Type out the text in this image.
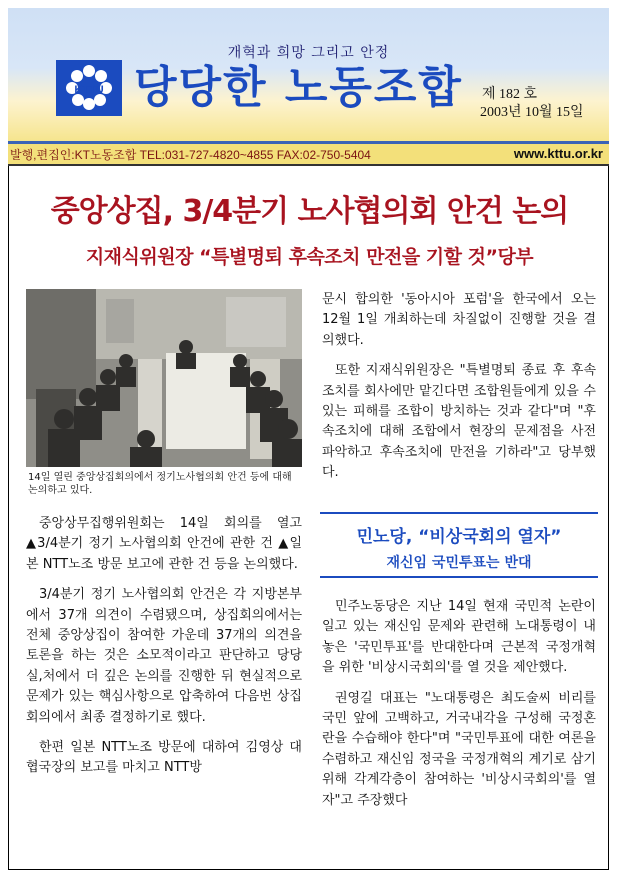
개혁과 희망 그리고 안정
KTTU 당당한 노동조합 제 182 호
2003년 10월 15일
발행,편집인:KT노동조합 TEL:031-727-4820~4855 FAX:02-750-5404	www.kttu.or.kr
중앙상집, 3/4분기 노사협의회 안건 논의
지재식위원장 “특별명퇴 후속조치 만전을 기할 것”당부
14일 열린 중앙상집회의에서 정기노사협의회 안건 등에 대해 논의하고 있다.

중앙상무집행위원회는 14일 회의를 열고 ▲3/4분기 정기 노사협의회 안건에 관한 건 ▲일본 NTT노조 방문 보고에 관한 건 등을 논의했다.

3/4분기 정기 노사협의회 안건은 각 지방본부에서 37개 의견이 수렴됐으며, 상집회의에서는 전체 중앙상집이 참여한 가운데 37개의 의견을 토론을 하는 것은 소모적이라고 판단하고 당당 실,처에서 더 깊은 논의를 진행한 뒤 현실적으로 문제가 있는 핵심사항으로 압축하여 다음번 상집회의에서 최종 결정하기로 했다.

한편 일본 NTT노조 방문에 대하여 김영상 대협국장의 보고를 마치고 NTT방

문시 합의한 '동아시아 포럼'을 한국에서 오는 12월 1일 개최하는데 차질없이 진행할 것을 결의했다.

또한 지재식위원장은 "특별명퇴 종료 후 후속조치를 회사에만 맡긴다면 조합원들에게 있을 수 있는 피해를 조합이 방치하는 것과 같다"며 "후속조치에 대해 조합에서 현장의 문제점을 사전 파악하고 후속조치에 만전을 기하라"고 당부했다.

민노당, “비상국회의 열자”
재신임 국민투표는 반대

민주노동당은 지난 14일 현재 국민적 논란이 일고 있는 재신임 문제와 관련해 노대통령이 내놓은 '국민투표'를 반대한다며 근본적 국정개혁을 위한 '비상시국회의'를 열 것을 제안했다.

권영길 대표는 "노대통령은 최도술씨 비리를 국민 앞에 고백하고, 거국내각을 구성해 국정혼란을 수습해야 한다"며 "국민투표에 대한 여론을 수렴하고 재신임 정국을 국정개혁의 계기로 삼기 위해 각계각층이 참여하는 '비상시국회의'를 열자"고 주장했다
